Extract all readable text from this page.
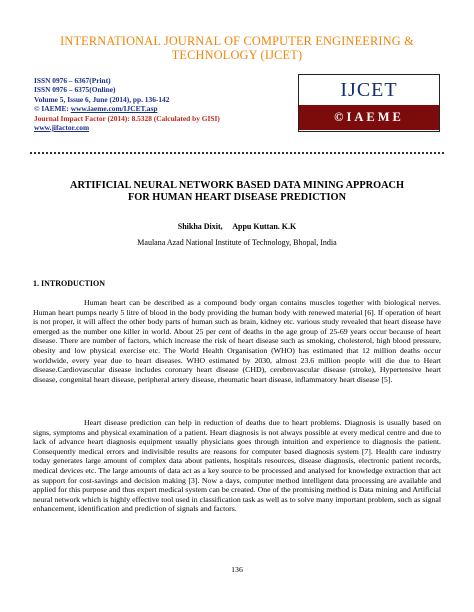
INTERNATIONAL JOURNAL OF COMPUTER ENGINEERING &
TECHNOLOGY (IJCET)
ISSN 0976 – 6367(Print)
ISSN 0976 – 6375(Online)
Volume 5, Issue 6, June (2014), pp. 136-142
© IAEME: www.iaeme.com/IJCET.asp
Journal Impact Factor (2014): 8.5328 (Calculated by GISI)
www.jifactor.com
IJCET
©IAEME
ARTIFICIAL NEURAL NETWORK BASED DATA MINING APPROACH
FOR HUMAN HEART DISEASE PREDICTION
Shikha Dixit,     Appu Kuttan. K.K
Maulana Azad National Institute of Technology, Bhopal, India
1. INTRODUCTION

Human heart can be described as a compound body organ contains muscles together with biological nerves. Human heart pumps nearly 5 litre of blood in the body providing the human body with renewed material [6]. If operation of heart is not proper, it will affect the other body parts of human such as brain, kidney etc. various study revealed that heart disease have emerged as the number one killer in world. About 25 per cent of deaths in the age group of 25-69 years occur because of heart disease. There are number of factors, which increase the risk of heart disease such as smoking, cholesterol, high blood pressure, obesity and low physical exercise etc. The World Health Organisation (WHO) has estimated that 12 million deaths occur worldwide, every year due to heart diseases. WHO estimated by 2030, almost 23.6 million people will die due to Heart disease.Cardiovascular disease includes coronary heart disease (CHD), cerebrovascular disease (stroke), Hypertensive heart disease, congenital heart disease, peripheral artery disease, rheumatic heart disease, inflammatory heart disease [5].

Heart disease prediction can help in reduction of deaths due to heart problems. Diagnosis is usually based on signs, symptoms and physical examination of a patient. Heart diagnosis is not always possible at every medical centre and due to lack of advance heart diagnosis equipment usually physicians goes through intuition and experience to diagnosis the patient. Consequently medical errors and indivisible results are reasons for computer based diagnosis system [7]. Health care industry today generates large amount of complex data about patients, hospitals resources, disease diagnosis, electronic patient records, medical devices etc. The large amounts of data act as a key source to be processed and analysed for knowledge extraction that act as support for cost-savings and decision making [3]. Now a days, computer method intelligent data processing are available and applied for this purpose and thus expert medical system can be created. One of the promising method is Data mining and Artificial neural network which is highly effective tool used in classification task as well as to solve many important problem, such as signal enhancement, identification and prediction of signals and factors.

136
